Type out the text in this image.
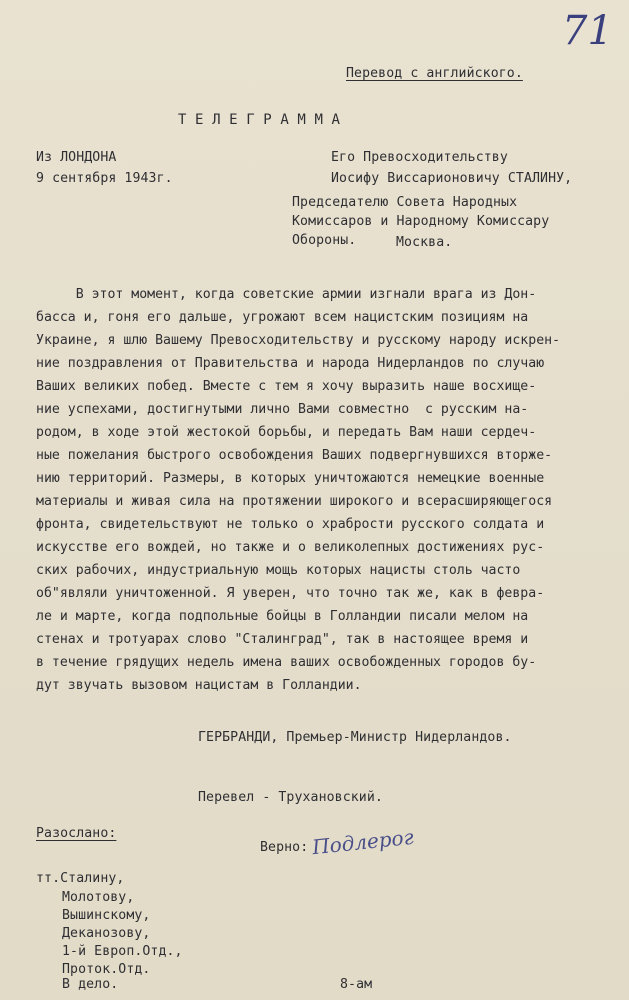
71
Перевод с английского.
Т Е Л Е Г Р А М М А
Из ЛОНДОНА
9 сентября 1943г.
Его Превосходительству
Иосифу Виссарионовичу СТАЛИНУ,
Председателю Совета Народных
Комиссаров и Народному Комиссару
Обороны.	Москва.
В этот момент, когда советские армии изгнали врага из Дон-
басса и, гоня его дальше, угрожают всем нацистским позициям на
Украине, я шлю Вашему Превосходительству и русскому народу искрен-
ние поздравления от Правительства и народа Нидерландов по случаю
Ваших великих побед. Вместе с тем я хочу выразить наше восхище-
ние успехами, достигнутыми лично Вами совместно  с русским на-
родом, в ходе этой жестокой борьбы, и передать Вам наши сердеч-
ные пожелания быстрого освобождения Ваших подвергнувшихся вторже-
нию территорий. Размеры, в которых уничтожаются немецкие военные
материалы и живая сила на протяжении широкого и всерасширяющегося
фронта, свидетельствуют не только о храбрости русского солдата и
искусстве его вождей, но также и о великолепных достижениях рус-
ских рабочих, индустриальную мощь которых нацисты столь часто
об"являли уничтоженной. Я уверен, что точно так же, как в февра-
ле и марте, когда подпольные бойцы в Голландии писали мелом на
стенах и тротуарах слово "Сталинград", так в настоящее время и
в течение грядущих недель имена ваших освобожденных городов бу-
дут звучать вызовом нацистам в Голландии.
ГЕРБРАНДИ, Премьер-Министр Нидерландов.
Перевел - Трухановский.
Разослано:
Верно: Подлерог
тт.Сталину,
Молотову,
Вышинскому,
Деканозову,
1-й Европ.Отд.,
Проток.Отд.
В дело.	8-ам
